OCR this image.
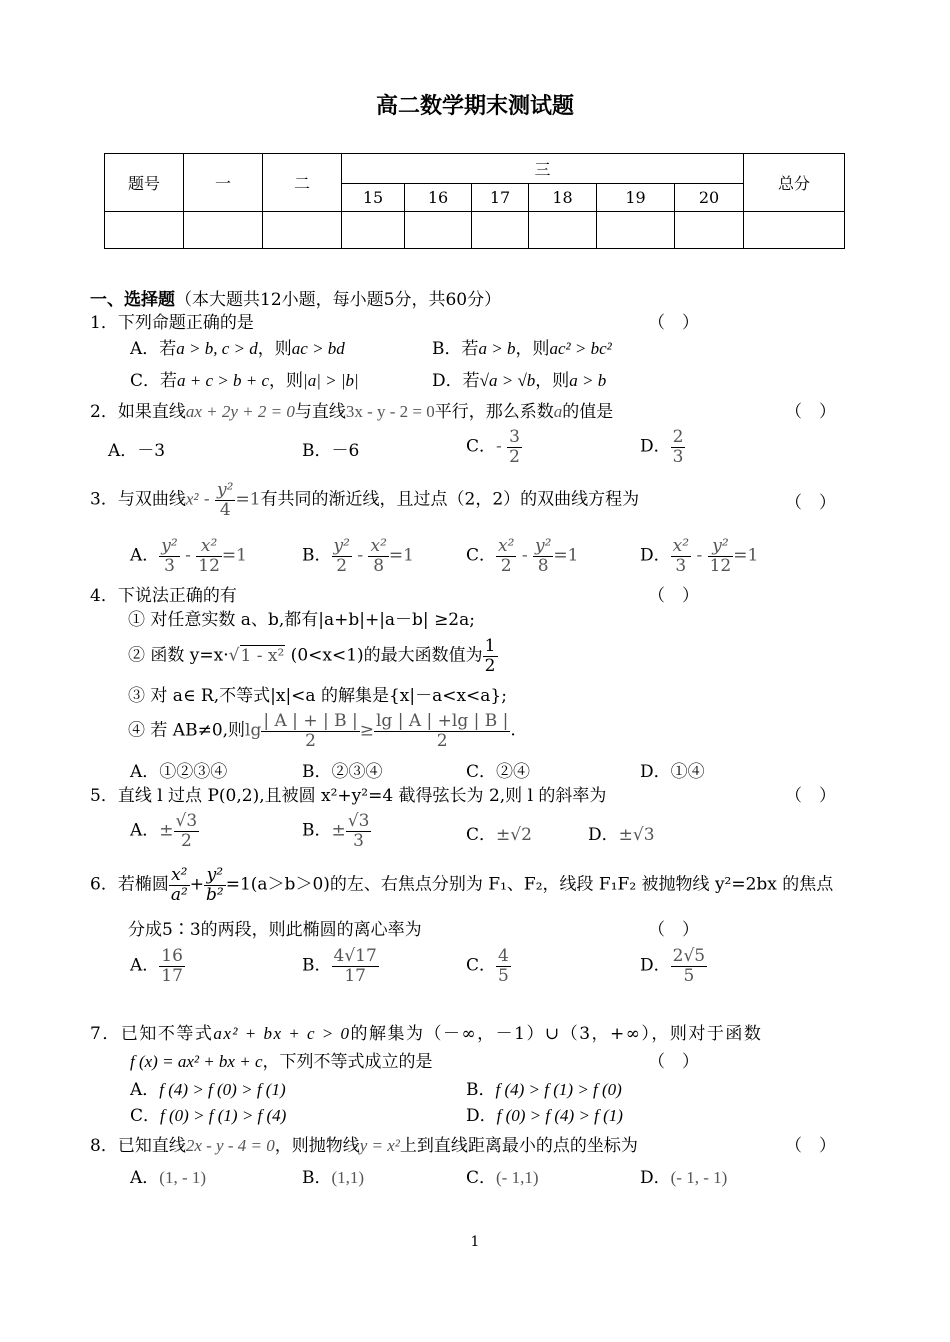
高二数学期末测试题
题号	一	二	三						总分
			15	16	17	18	19	20	

一、选择题（本大题共12小题，每小题5分，共60分）
1．下列命题正确的是	（　）
A．若a > b, c > d，则ac > bd	B．若a > b，则ac² > bc²
C．若a + c > b + c，则|a| > |b|	D．若√a > √b，则a > b
2．如果直线ax + 2y + 2 = 0与直线3x - y - 2 = 0平行，那么系数a的值是	（　）
A．－3	B．－6	C．- $\frac{3}{2}$	D． $\frac{2}{3}$
3．与双曲线$x^2 - \frac{\text{y²}}{4} =1$有共同的渐近线，且过点（2，2）的双曲线方程为	（　）
A． $\frac{\text{y²}}{3} - \frac{\text{x²}}{12} =1$	B． $\frac{\text{y²}}{2} - \frac{\text{x²}}{8} =1$	C． $\frac{\text{x²}}{2} - \frac{\text{y²}}{8} =1$	D． $\frac{\text{x²}}{3} - \frac{\text{y²}}{12} =1$
4．下说法正确的有	（　）
① 对任意实数 a、b,都有|a+b|+|a－b| ≥2a;
② 函数 y=x·√1 - x² (0<x<1)的最大函数值为 $\frac{1}{2}$
③ 对 a∈ R,不等式|x|<a 的解集是{x|－a<x<a};
④ 若 AB≠0,则$\lg \frac{| A | + | B |}{2} \ge \frac{\lg | A | +\lg | B |}{2}$ .
A．①②③④	B．②③④	C．②④	D．①④
5．直线 l 过点 P(0,2),且被圆 x²+y²=4 截得弦长为 2,则 l 的斜率为	（　）
A．± $\frac{√3}{2}$	B．± $\frac{√3}{3}$	C．±√2	D．±√3
6．若椭圆 $\frac{\text{x²}}{\text{a²}} + \frac{\text{y²}}{\text{b²}} =1(a>b>0)$的左、右焦点分别为 F₁、F₂，线段 F₁F₂ 被抛物线 y²=2bx 的焦点
分成5∶3的两段，则此椭圆的离心率为	（　）
A． $\frac{16}{17}$	B． $\frac{4√17}{17}$	C． $\frac{4}{5}$	D． $\frac{2√5}{5}$
7．已知不等式ax² + bx + c > 0的解集为（－∞，－1）∪（3，+∞），则对于函数
f (x) = ax² + bx + c，下列不等式成立的是	（　）
A．f (4) > f (0) > f (1)	B．f (4) > f (1) > f (0)
C．f (0) > f (1) > f (4)	D．f (0) > f (4) > f (1)
8．已知直线2x - y - 4 = 0，则抛物线y = x²上到直线距离最小的点的坐标为	（　）
A．(1, - 1)	B．(1,1)	C．(- 1,1)	D．(- 1, - 1)
1
